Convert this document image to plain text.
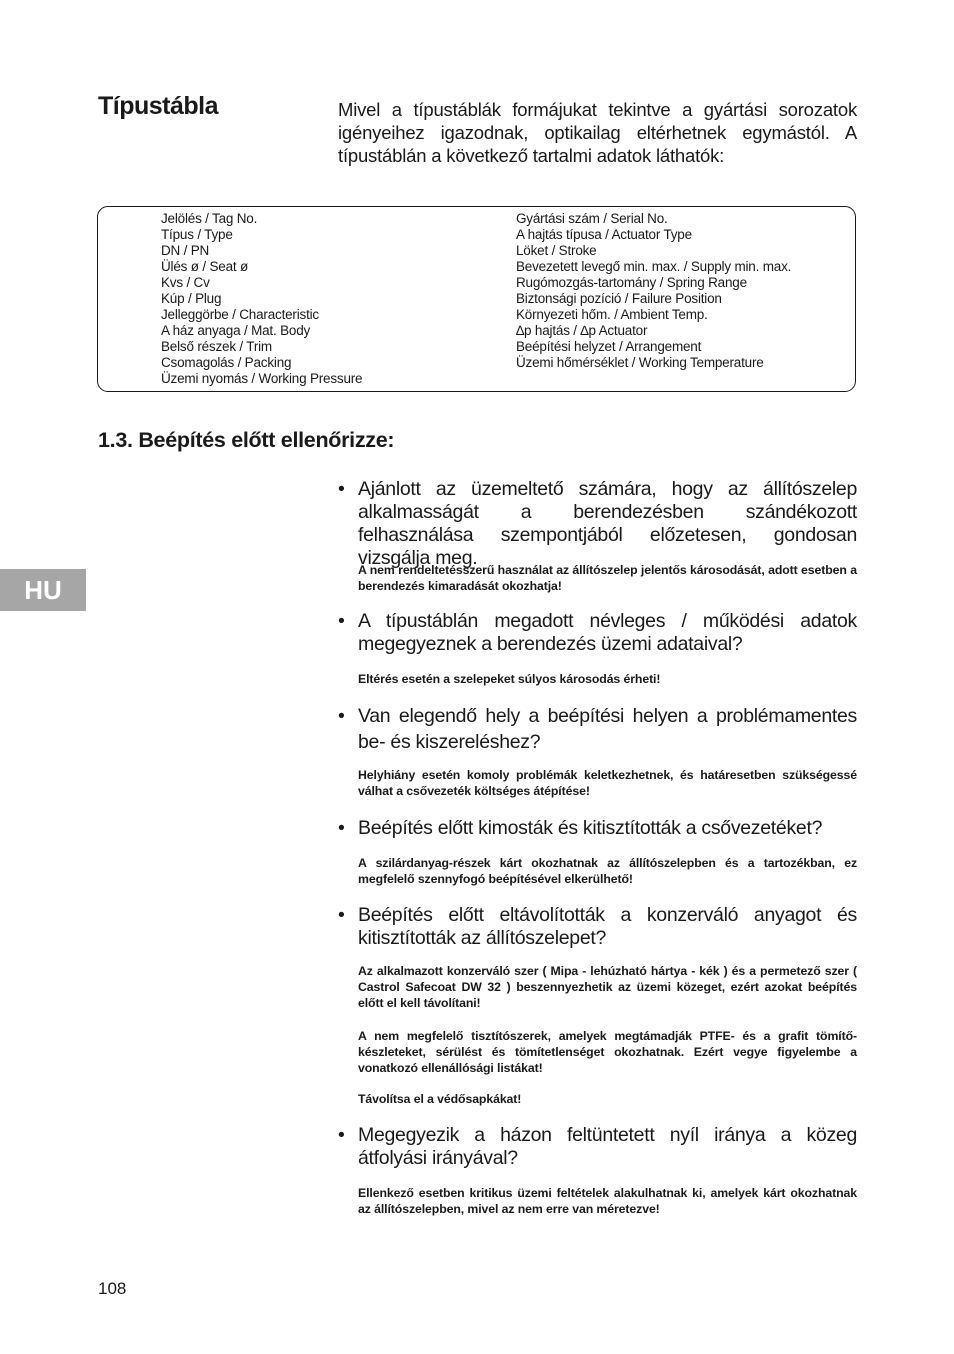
Típustábla	Mivel a típustáblák formájukat tekintve a gyártási sorozatok igényeihez igazodnak, optikailag eltérhetnek egymástól. A típustáblán a következő tartalmi adatok láthatók:

Jelölés / Tag No.
Típus / Type
DN / PN
Ülés ø / Seat ø
Kvs / Cv
Kúp / Plug
Jelleggörbe / Characteristic
A ház anyaga / Mat. Body
Belső részek / Trim
Csomagolás / Packing
Üzemi nyomás / Working Pressure
Gyártási szám / Serial No.
A hajtás típusa / Actuator Type
Löket / Stroke
Bevezetett levegő min. max. / Supply min. max.
Rugómozgás-tartomány / Spring Range
Biztonsági pozíció / Failure Position
Környezeti hőm. / Ambient Temp.
∆p hajtás / ∆p Actuator
Beépítési helyzet / Arrangement
Üzemi hőmérséklet / Working Temperature
1.3. Beépítés előtt ellenőrizze:
HU

• Ajánlott az üzemeltető számára, hogy az állítószelep alkalmasságát a berendezésben szándékozott felhasználása szempontjából előzetesen, gondosan vizsgálja meg.

A nem rendeltetésszerű használat az állítószelep jelentős károsodását, adott esetben a berendezés kimaradását okozhatja!

• A típustáblán megadott névleges / működési adatok megegyeznek a berendezés üzemi adataival?

Eltérés esetén a szelepeket súlyos károsodás érheti!

• Van elegendő hely a beépítési helyen a problémamentes be- és kiszereléshez?

Helyhiány esetén komoly problémák keletkezhetnek, és határesetben szükségessé válhat a csővezeték költséges átépítése!

• Beépítés előtt kimosták és kitisztították a csővezetéket?

A szilárdanyag-részek kárt okozhatnak az állítószelepben és a tartozékban, ez megfelelő szennyfogó beépítésével elkerülhető!

• Beépítés előtt eltávolították a konzerváló anyagot és kitisztították az állítószelepet?

Az alkalmazott konzerváló szer ( Mipa - lehúzható hártya - kék ) és a permetező szer ( Castrol Safecoat DW 32 ) beszennyezhetik az üzemi közeget, ezért azokat beépítés előtt el kell távolítani!

A nem megfelelő tisztítószerek, amelyek megtámadják PTFE- és a grafit tömítő-készleteket, sérülést és tömítetlenséget okozhatnak. Ezért vegye figyelembe a vonatkozó ellenállósági listákat!

Távolítsa el a védősapkákat!

• Megegyezik a házon feltüntetett nyíl iránya a közeg átfolyási irányával?

Ellenkező esetben kritikus üzemi feltételek alakulhatnak ki, amelyek kárt okozhatnak az állítószelepben, mivel az nem erre van méretezve!

108
